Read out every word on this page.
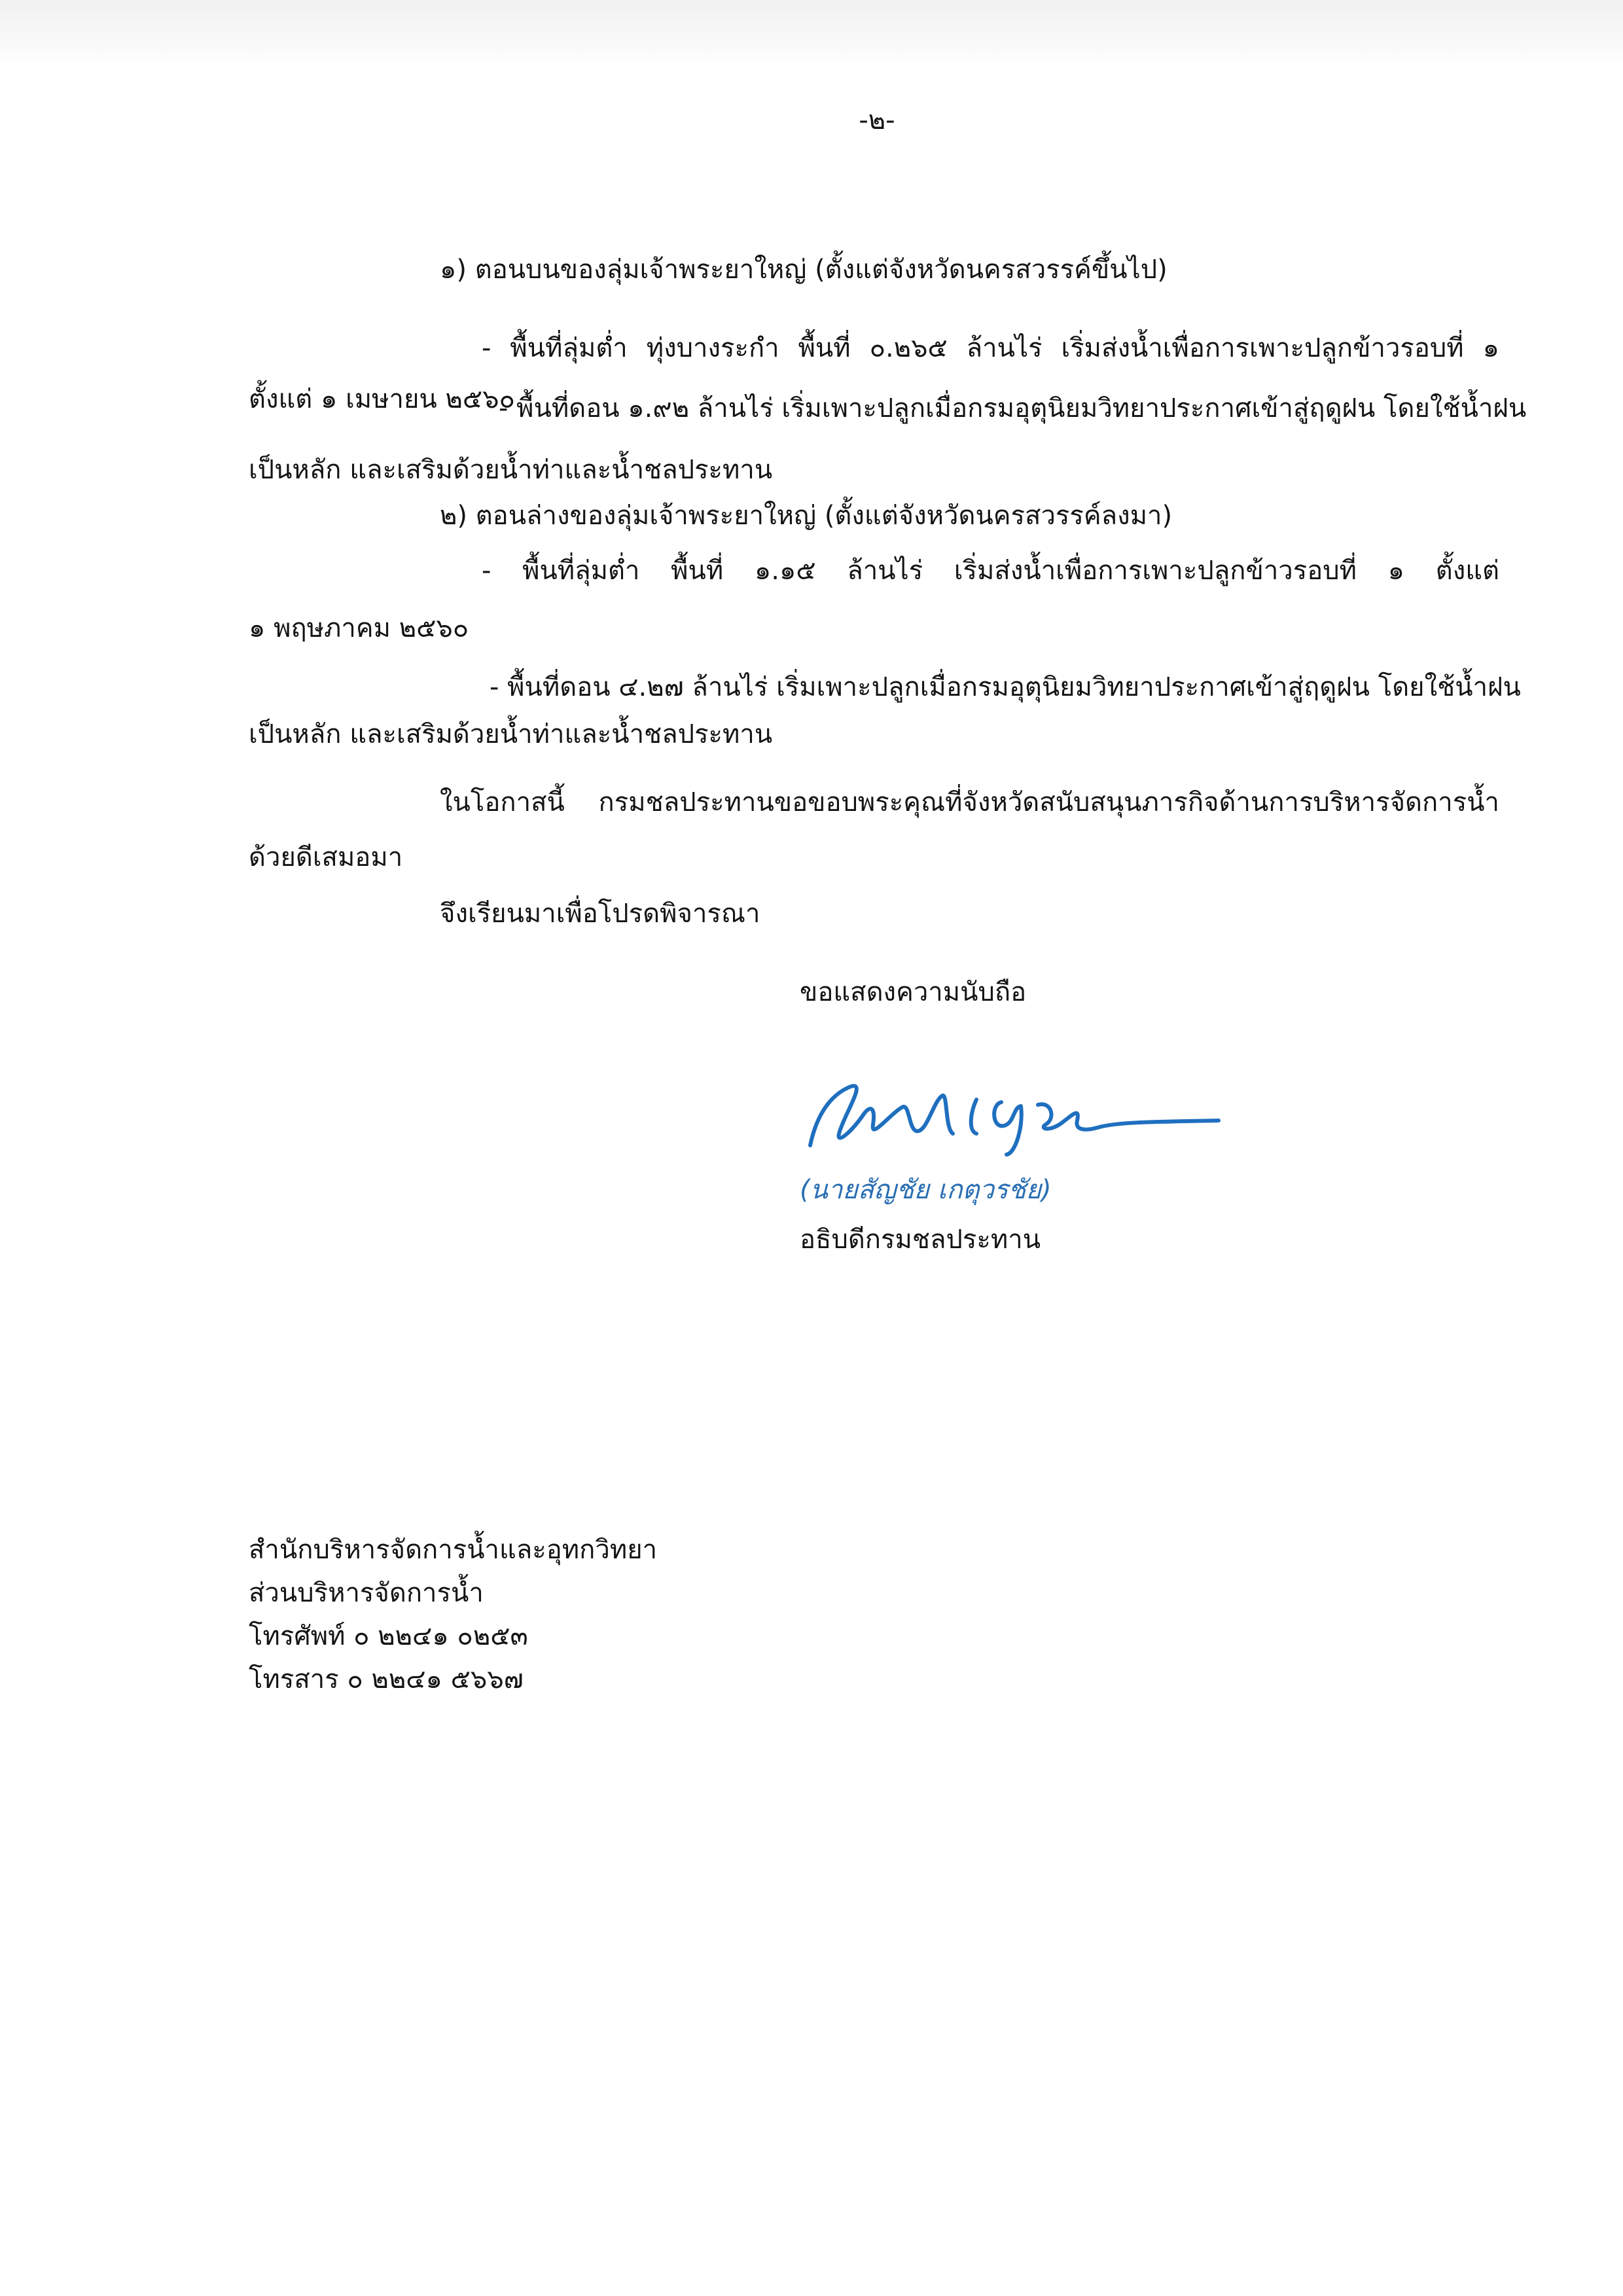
-๒-
๑) ตอนบนของลุ่มเจ้าพระยาใหญ่ (ตั้งแต่จังหวัดนครสวรรค์ขึ้นไป)
- พื้นที่ลุ่มต่ำ ทุ่งบางระกำ พื้นที่ ๐.๒๖๕ ล้านไร่ เริ่มส่งน้ำเพื่อการเพาะปลูกข้าวรอบที่ ๑
ตั้งแต่ ๑ เมษายน ๒๕๖๐
- พื้นที่ดอน ๑.๙๒ ล้านไร่ เริ่มเพาะปลูกเมื่อกรมอุตุนิยมวิทยาประกาศเข้าสู่ฤดูฝน โดยใช้น้ำฝน
เป็นหลัก และเสริมด้วยน้ำท่าและน้ำชลประทาน
๒) ตอนล่างของลุ่มเจ้าพระยาใหญ่ (ตั้งแต่จังหวัดนครสวรรค์ลงมา)
- พื้นที่ลุ่มต่ำ พื้นที่ ๑.๑๕ ล้านไร่ เริ่มส่งน้ำเพื่อการเพาะปลูกข้าวรอบที่ ๑ ตั้งแต่
๑ พฤษภาคม ๒๕๖๐
- พื้นที่ดอน ๔.๒๗ ล้านไร่ เริ่มเพาะปลูกเมื่อกรมอุตุนิยมวิทยาประกาศเข้าสู่ฤดูฝน โดยใช้น้ำฝน
เป็นหลัก และเสริมด้วยน้ำท่าและน้ำชลประทาน
ในโอกาสนี้ กรมชลประทานขอขอบพระคุณที่จังหวัดสนับสนุนภารกิจด้านการบริหารจัดการน้ำ
ด้วยดีเสมอมา
จึงเรียนมาเพื่อโปรดพิจารณา
ขอแสดงความนับถือ
(นายสัญชัย เกตุวรชัย)
อธิบดีกรมชลประทาน
สำนักบริหารจัดการน้ำและอุทกวิทยา
ส่วนบริหารจัดการน้ำ
โทรศัพท์ ๐ ๒๒๔๑ ๐๒๕๓
โทรสาร ๐ ๒๒๔๑ ๕๖๖๗
